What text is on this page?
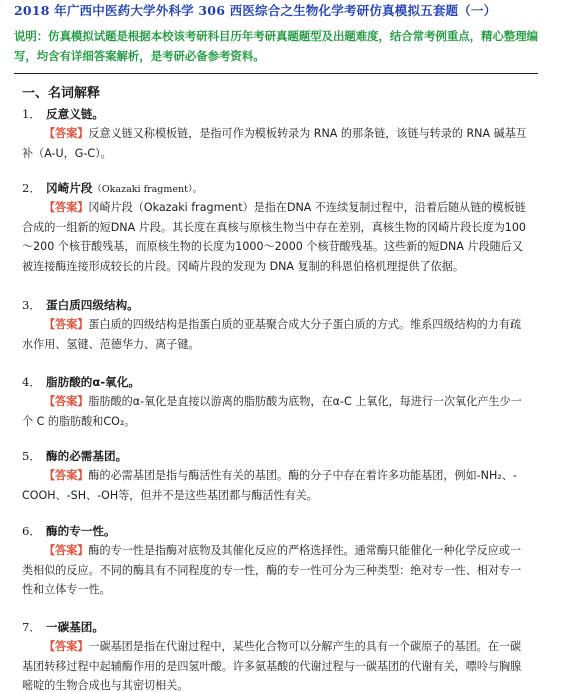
2018 年广西中医药大学外科学 306 西医综合之生物化学考研仿真模拟五套题（一）
说明：仿真模拟试题是根据本校该考研科目历年考研真题题型及出题难度，结合常考例重点，精心整理编写，均含有详细答案解析，是考研必备参考资料。
一、名词解释
1． 反意义链。
【答案】反意义链又称模板链，是指可作为模板转录为 RNA 的那条链，该链与转录的 RNA 碱基互补（A-U，G-C）。
2． 冈崎片段（Okazaki fragment）。
【答案】冈崎片段（Okazaki fragment）是指在DNA 不连续复制过程中，沿着后随从链的模板链合成的一组新的短DNA 片段。其长度在真核与原核生物当中存在差别，真核生物的冈崎片段长度为100～200 个核苷酸残基，而原核生物的长度为1000～2000 个核苷酸残基。这些新的短DNA 片段随后又被连接酶连接形成较长的片段。冈崎片段的发现为 DNA 复制的科恩伯格机理提供了依据。
3． 蛋白质四级结构。
【答案】蛋白质的四级结构是指蛋白质的亚基聚合成大分子蛋白质的方式。维系四级结构的力有疏水作用、氢键、范德华力、离子键。
4． 脂肪酸的α-氧化。
【答案】脂肪酸的α-氧化是直接以游离的脂肪酸为底物，在α-C 上氧化，每进行一次氧化产生少一个 C 的脂肪酸和CO₂。
5． 酶的必需基团。
【答案】酶的必需基团是指与酶活性有关的基团。酶的分子中存在着许多功能基团，例如-NH₂、-COOH、-SH、-OH等，但并不是这些基团都与酶活性有关。
6． 酶的专一性。
【答案】酶的专一性是指酶对底物及其催化反应的严格选择性。通常酶只能催化一种化学反应或一类相似的反应。不同的酶具有不同程度的专一性，酶的专一性可分为三种类型：绝对专一性、相对专一性和立体专一性。
7． 一碳基团。
【答案】一碳基团是指在代谢过程中，某些化合物可以分解产生的具有一个碳原子的基团。在一碳基团转移过程中起辅酶作用的是四氢叶酸。许多氨基酸的代谢过程与一碳基团的代谢有关，嘌呤与胸腺嘧啶的生物合成也与其密切相关。
